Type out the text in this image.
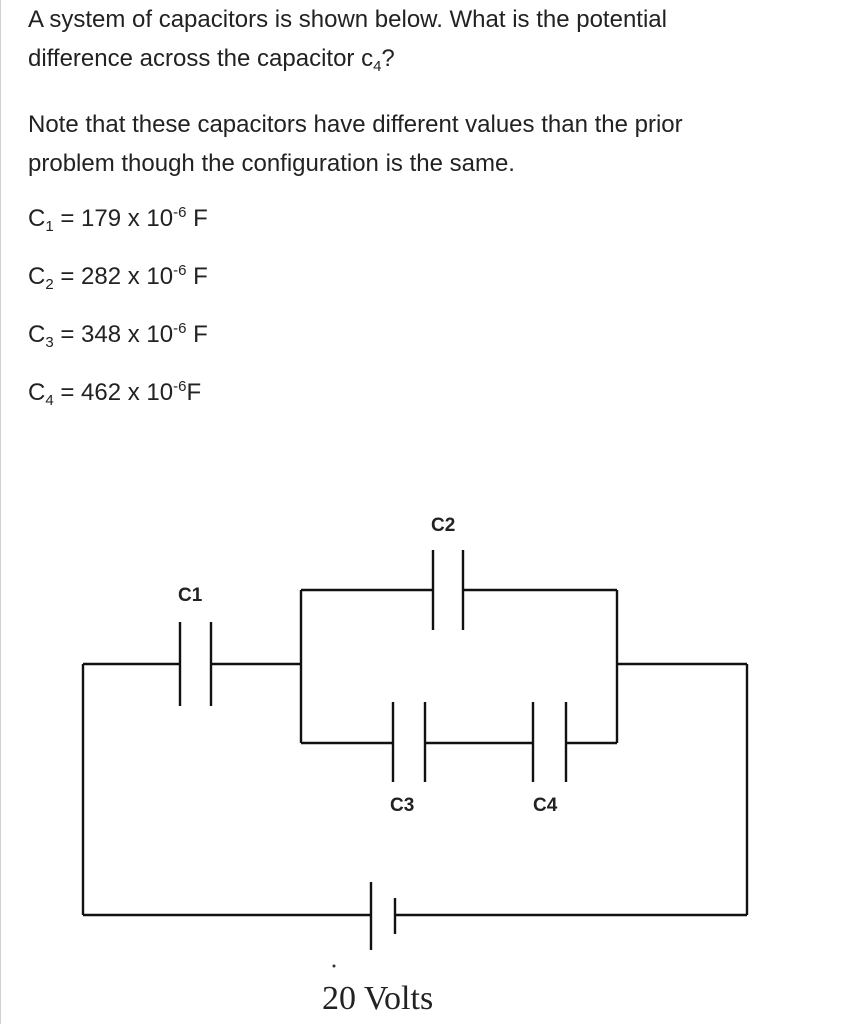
A system of capacitors is shown below. What is the potential
difference across the capacitor $c_4$?

Note that these capacitors have different values than the prior
problem though the configuration is the same.

$C_1 = 179$ x $10^{-6}$ F
$C_2 = 282$ x $10^{-6}$ F
$C_3 = 348$ x $10^{-6}$ F
$C_4 = 462$ x $10^{-6}F$
C1
C2
C3	C4
20 Volts
